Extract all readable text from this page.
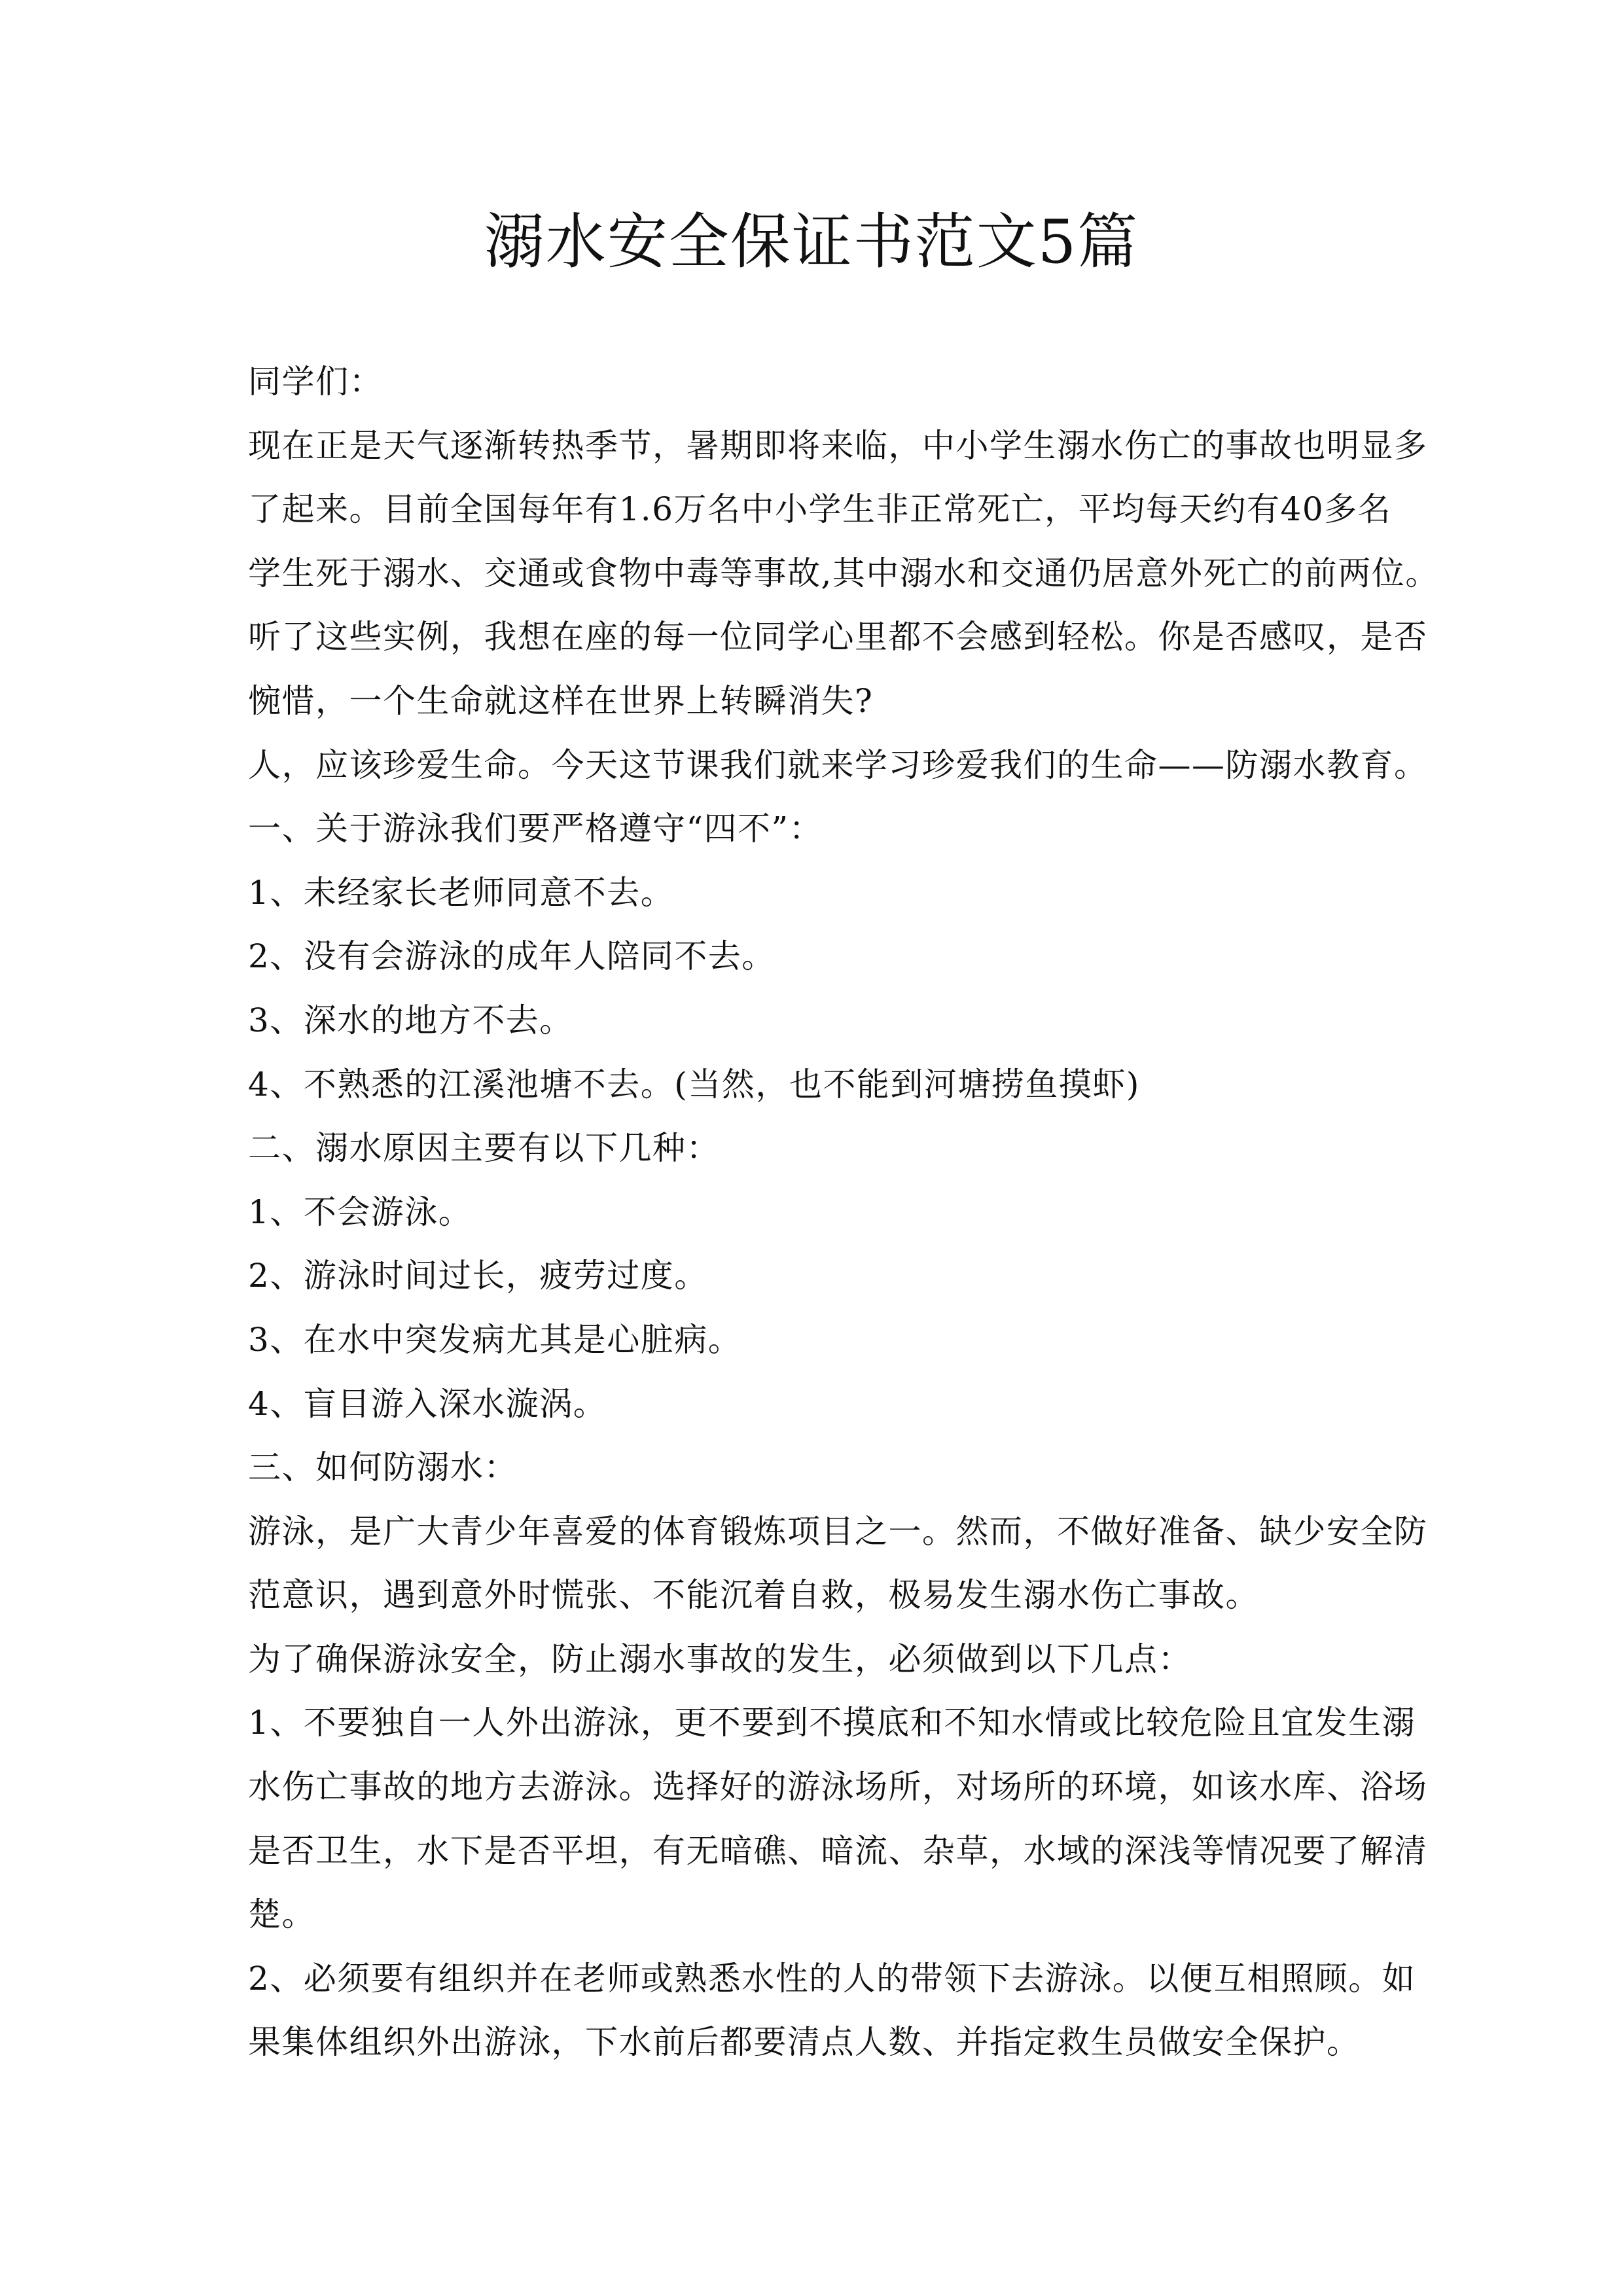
溺水安全保证书范文5篇
同学们：
现在正是天气逐渐转热季节，暑期即将来临，中小学生溺水伤亡的事故也明显多
了起来。目前全国每年有1.6万名中小学生非正常死亡，平均每天约有40多名
学生死于溺水、交通或食物中毒等事故,其中溺水和交通仍居意外死亡的前两位。
听了这些实例，我想在座的每一位同学心里都不会感到轻松。你是否感叹，是否
惋惜，一个生命就这样在世界上转瞬消失?
人，应该珍爱生命。今天这节课我们就来学习珍爱我们的生命——防溺水教育。
一、关于游泳我们要严格遵守“四不”：
1、未经家长老师同意不去。
2、没有会游泳的成年人陪同不去。
3、深水的地方不去。
4、不熟悉的江溪池塘不去。(当然，也不能到河塘捞鱼摸虾)
二、溺水原因主要有以下几种：
1、不会游泳。
2、游泳时间过长，疲劳过度。
3、在水中突发病尤其是心脏病。
4、盲目游入深水漩涡。
三、如何防溺水：
游泳，是广大青少年喜爱的体育锻炼项目之一。然而，不做好准备、缺少安全防
范意识，遇到意外时慌张、不能沉着自救，极易发生溺水伤亡事故。
为了确保游泳安全，防止溺水事故的发生，必须做到以下几点：
1、不要独自一人外出游泳，更不要到不摸底和不知水情或比较危险且宜发生溺
水伤亡事故的地方去游泳。选择好的游泳场所，对场所的环境，如该水库、浴场
是否卫生，水下是否平坦，有无暗礁、暗流、杂草，水域的深浅等情况要了解清
楚。
2、必须要有组织并在老师或熟悉水性的人的带领下去游泳。以便互相照顾。如
果集体组织外出游泳，下水前后都要清点人数、并指定救生员做安全保护。
